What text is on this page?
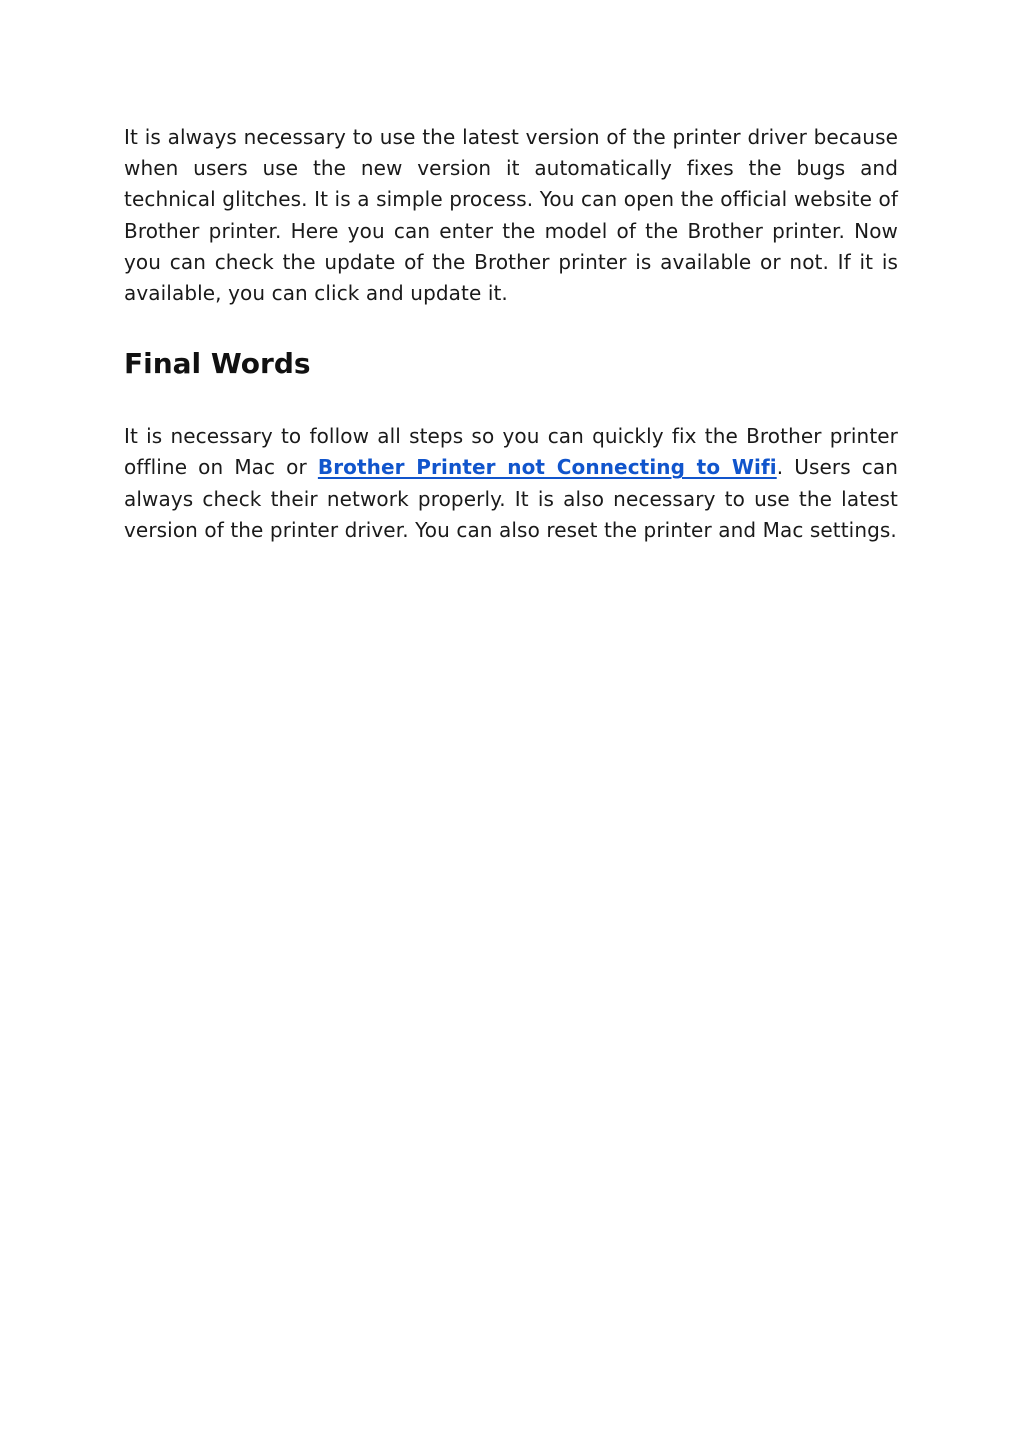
It is always necessary to use the latest version of the printer driver because when users use the new version it automatically fixes the bugs and technical glitches. It is a simple process. You can open the official website of Brother printer. Here you can enter the model of the Brother printer. Now you can check the update of the Brother printer is available or not. If it is available, you can click and update it.

Final Words

It is necessary to follow all steps so you can quickly fix the Brother printer offline on Mac or Brother Printer not Connecting to Wifi. Users can always check their network properly. It is also necessary to use the latest version of the printer driver. You can also reset the printer and Mac settings.
